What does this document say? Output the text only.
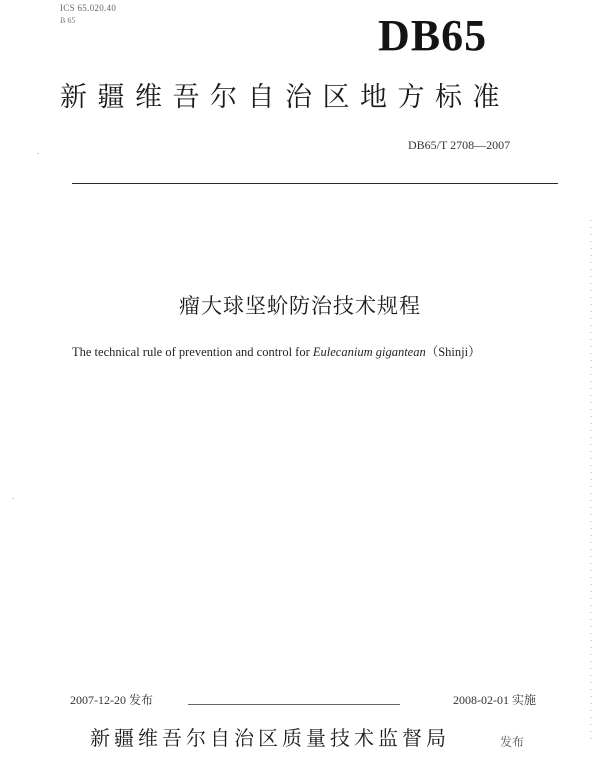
ICS 65.020.40
B 65	DB65
新疆维吾尔自治区地方标准
DB65/T 2708—2007
瘤大球坚蚧防治技术规程
The technical rule of prevention and control for Eulecanium gigantean（Shinji）
2007-12-20 发布	2008-02-01 实施
新疆维吾尔自治区质量技术监督局	发布
